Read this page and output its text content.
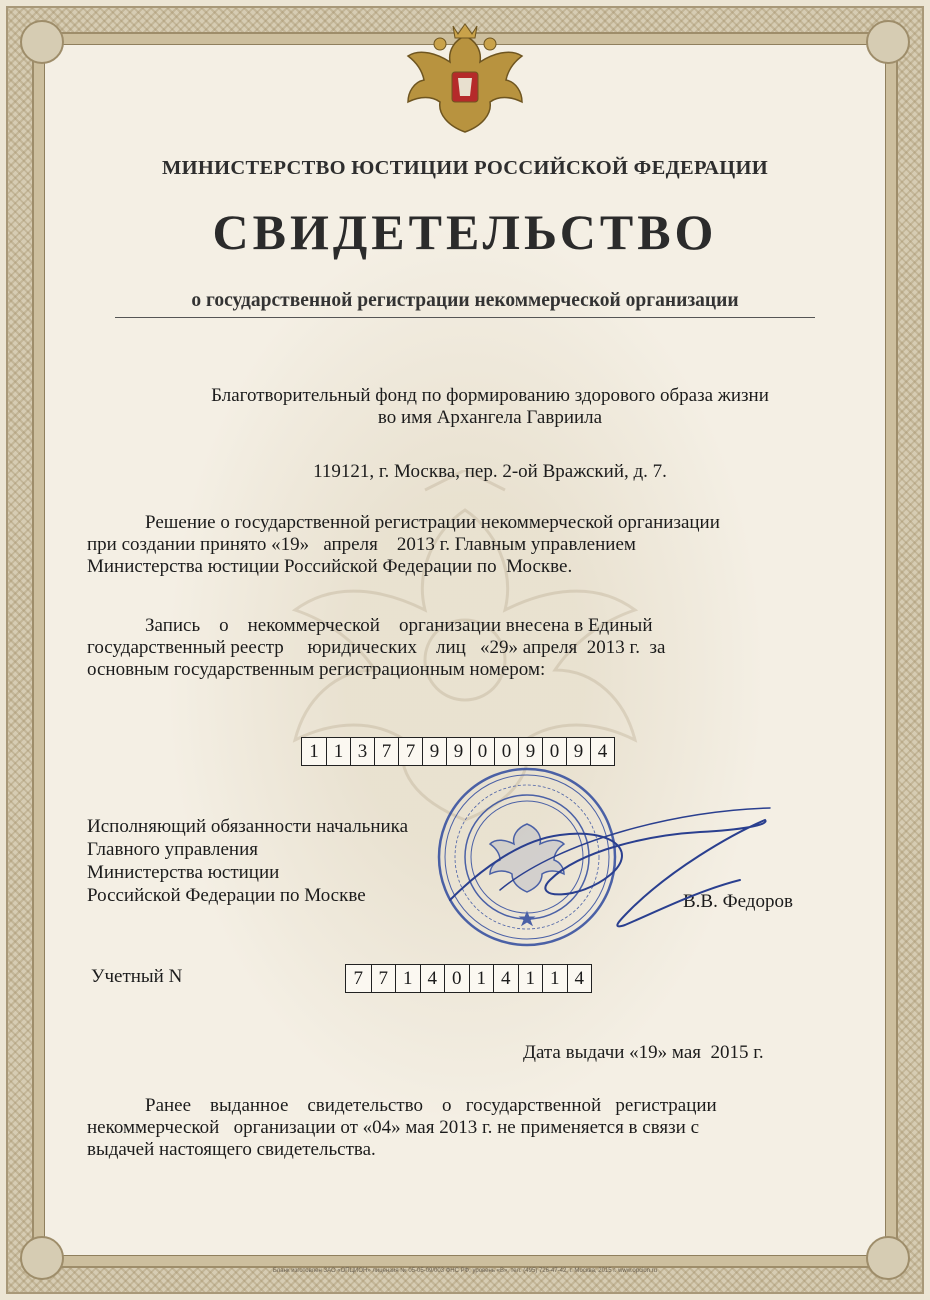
МИНИСТЕРСТВО ЮСТИЦИИ РОССИЙСКОЙ ФЕДЕРАЦИИ
СВИДЕТЕЛЬСТВО
о государственной регистрации некоммерческой организации
Благотворительный фонд по формированию здорового образа жизни
во имя Архангела Гавриила
119121, г. Москва, пер. 2-ой Вражский, д. 7.
Решение о государственной регистрации некоммерческой организации
при создании принято «19»   апреля    2013 г. Главным управлением
Министерства юстиции Российской Федерации по  Москве.
Запись    о    некоммерческой    организации внесена в Единый
государственный реестр     юридических    лиц   «29» апреля  2013 г.  за
основным государственным регистрационным номером:
1 1 3 7 7 9 9 0 0 9 0 9 4
Исполняющий обязанности начальника
Главного управления
Министерства юстиции
Российской Федерации по Москве	В.В. Федоров
Учетный N	7 7 1 4 0 1 4 1 1 4
Дата выдачи «19» мая  2015 г.
Ранее    выданное    свидетельство    о   государственной   регистрации
некоммерческой   организации от «04» мая 2013 г. не применяется в связи с
выдачей настоящего свидетельства.
Бланк изготовлен ЗАО «ОПЦИОН» лицензия № 05-05-09/003 ФНС РФ, уровень «В», тел. (495) 726-47-42, г. Москва, 2015 г. www.opcion.ru
